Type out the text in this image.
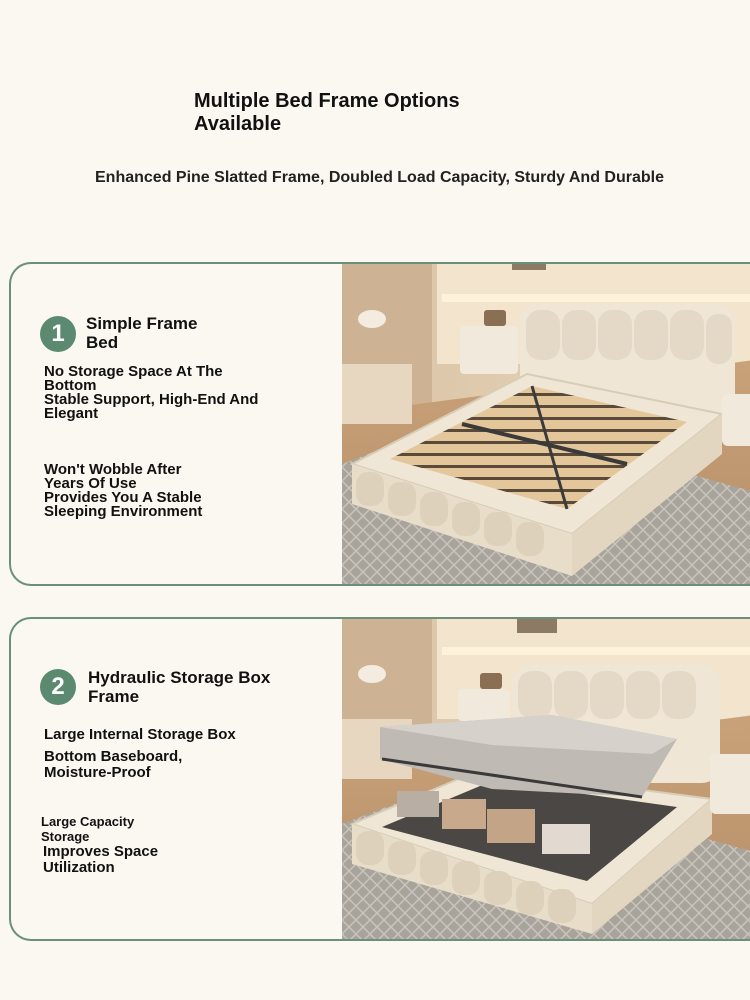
Multiple Bed Frame Options
Available
Enhanced Pine Slatted Frame, Doubled Load Capacity, Sturdy And Durable
1	Simple Frame
Bed
No Storage Space At The
Bottom
Stable Support, High-End And
Elegant
Won't Wobble After
Years Of Use
Provides You A Stable
Sleeping Environment
2	Hydraulic Storage Box
Frame
Large Internal Storage Box
Bottom Baseboard,
Moisture-Proof
Large Capacity
Storage
Improves Space
Utilization
